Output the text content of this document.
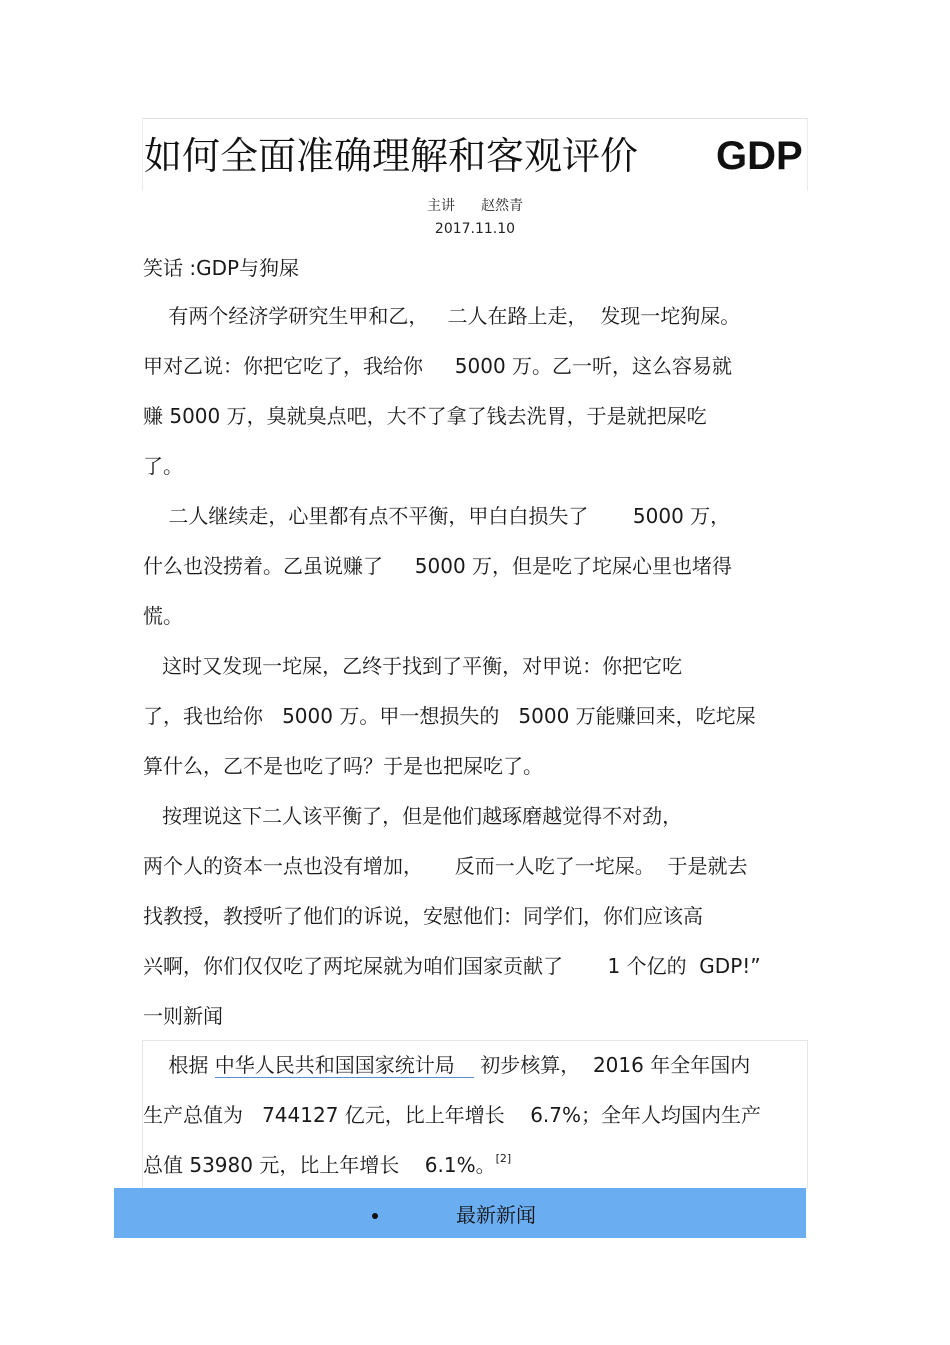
如何全面准确理解和客观评价 GDP
主讲 赵然青
2017.11.10
笑话 :GDP与狗屎
有两个经济学研究生甲和乙，   二人在路上走，  发现一坨狗屎。
甲对乙说：你把它吃了，我给你     5000 万。乙一听，这么容易就
赚 5000 万，臭就臭点吧，大不了拿了钱去洗胃，于是就把屎吃
了。
二人继续走，心里都有点不平衡，甲白白损失了       5000 万，
什么也没捞着。乙虽说赚了     5000 万，但是吃了坨屎心里也堵得
慌。
这时又发现一坨屎，乙终于找到了平衡，对甲说：你把它吃
了，我也给你   5000 万。甲一想损失的   5000 万能赚回来，吃坨屎
算什么，乙不是也吃了吗？于是也把屎吃了。
按理说这下二人该平衡了，但是他们越琢磨越觉得不对劲，
两个人的资本一点也没有增加，     反而一人吃了一坨屎。  于是就去
找教授，教授听了他们的诉说，安慰他们：同学们，你们应该高
兴啊，你们仅仅吃了两坨屎就为咱们国家贡献了       1 个亿的  GDP!”
一则新闻
根据 中华人民共和国国家统计局    初步核算，  2016 年全年国内
生产总值为   744127 亿元，比上年增长    6.7%；全年人均国内生产
总值 53980 元，比上年增长    6.1%。[2]
最新新闻
